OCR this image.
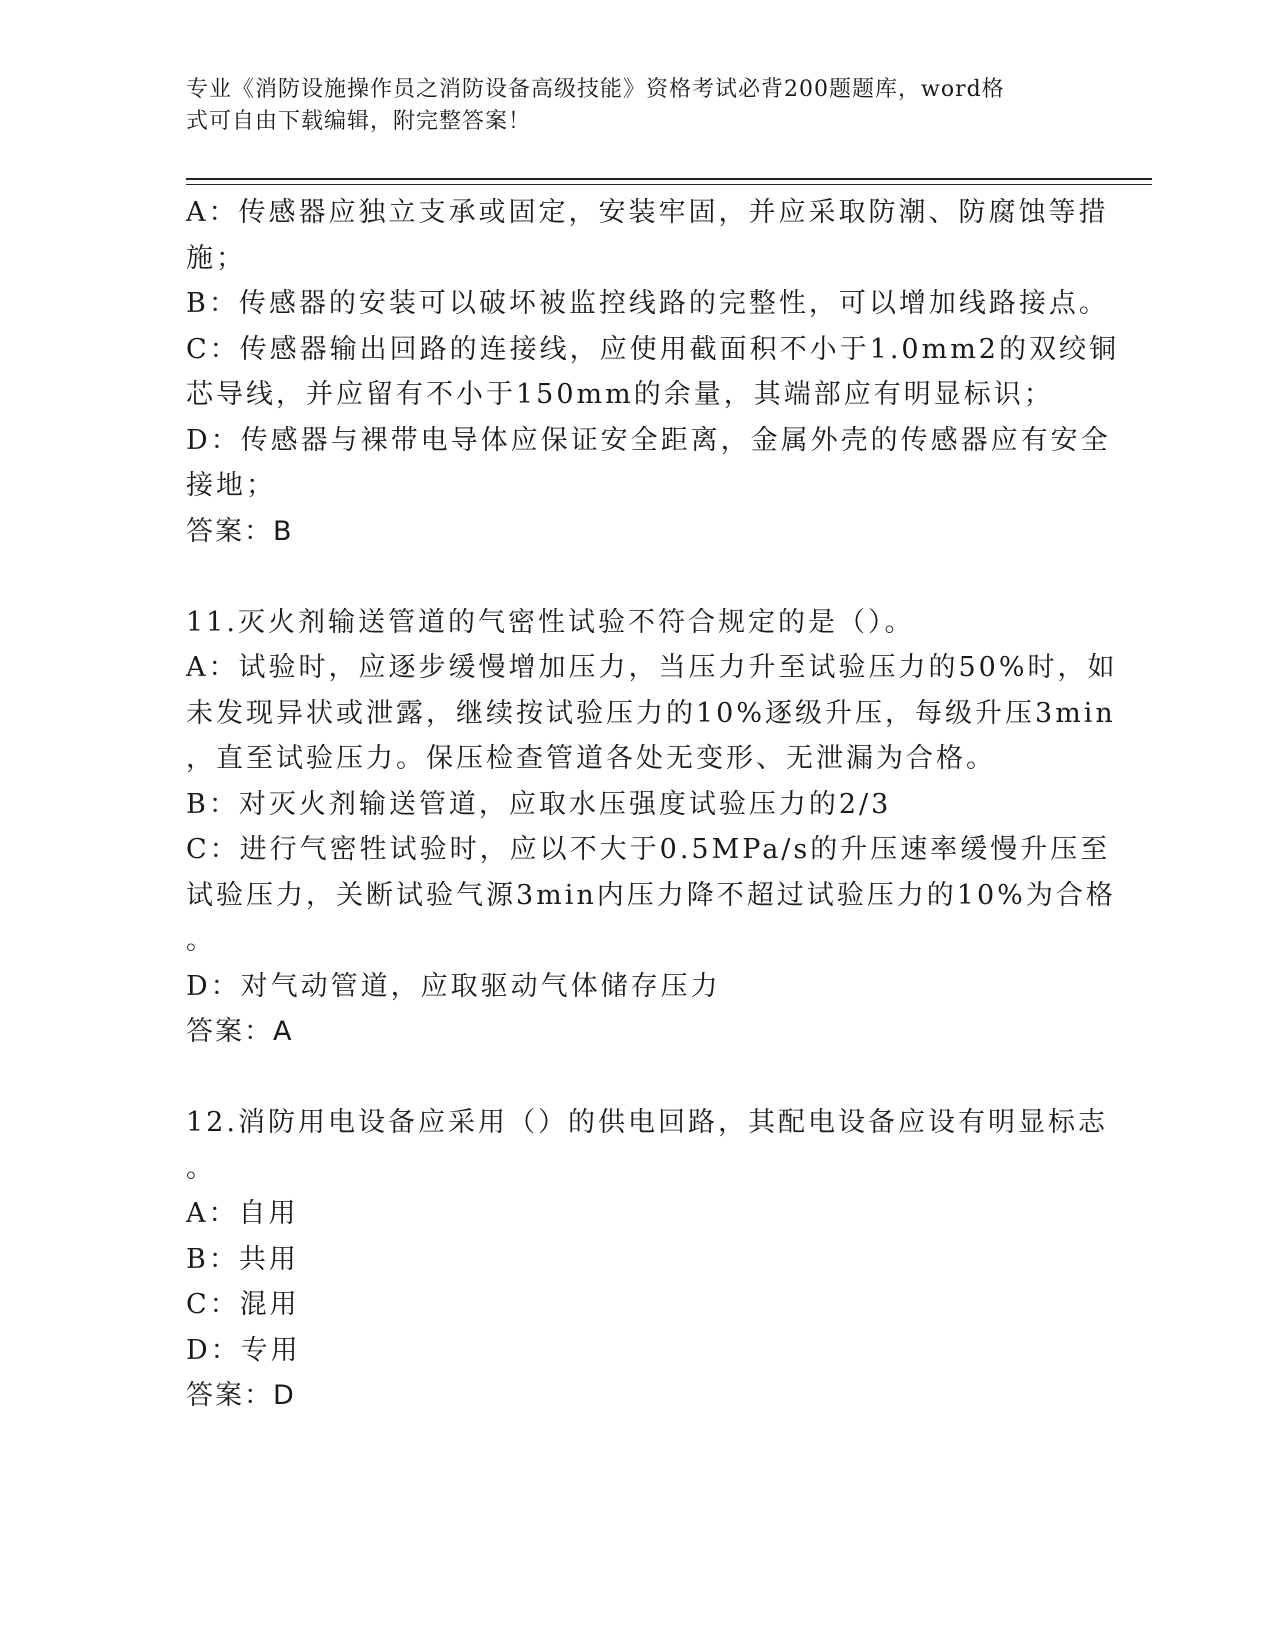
专业《消防设施操作员之消防设备高级技能》资格考试必背200题题库，word格
式可自由下载编辑，附完整答案！
A：传感器应独立支承或固定，安装牢固，并应采取防潮、防腐蚀等措
施；
B：传感器的安装可以破坏被监控线路的完整性，可以增加线路接点。
C：传感器输出回路的连接线，应使用截面积不小于1.0mm2的双绞铜
芯导线，并应留有不小于150mm的余量，其端部应有明显标识；
D：传感器与裸带电导体应保证安全距离，金属外壳的传感器应有安全
接地；
答案：B
11.灭火剂输送管道的气密性试验不符合规定的是（）。
A：试验时，应逐步缓慢增加压力，当压力升至试验压力的50%时，如
未发现异状或泄露，继续按试验压力的10%逐级升压，每级升压3min
，直至试验压力。保压检查管道各处无变形、无泄漏为合格。
B：对灭火剂输送管道，应取水压强度试验压力的2/3
C：进行气密牲试验时，应以不大于0.5MPa/s的升压速率缓慢升压至
试验压力，关断试验气源3min内压力降不超过试验压力的10%为合格
。
D：对气动管道，应取驱动气体储存压力
答案：A
12.消防用电设备应采用（）的供电回路，其配电设备应设有明显标志
。
A：自用
B：共用
C：混用
D：专用
答案：D
